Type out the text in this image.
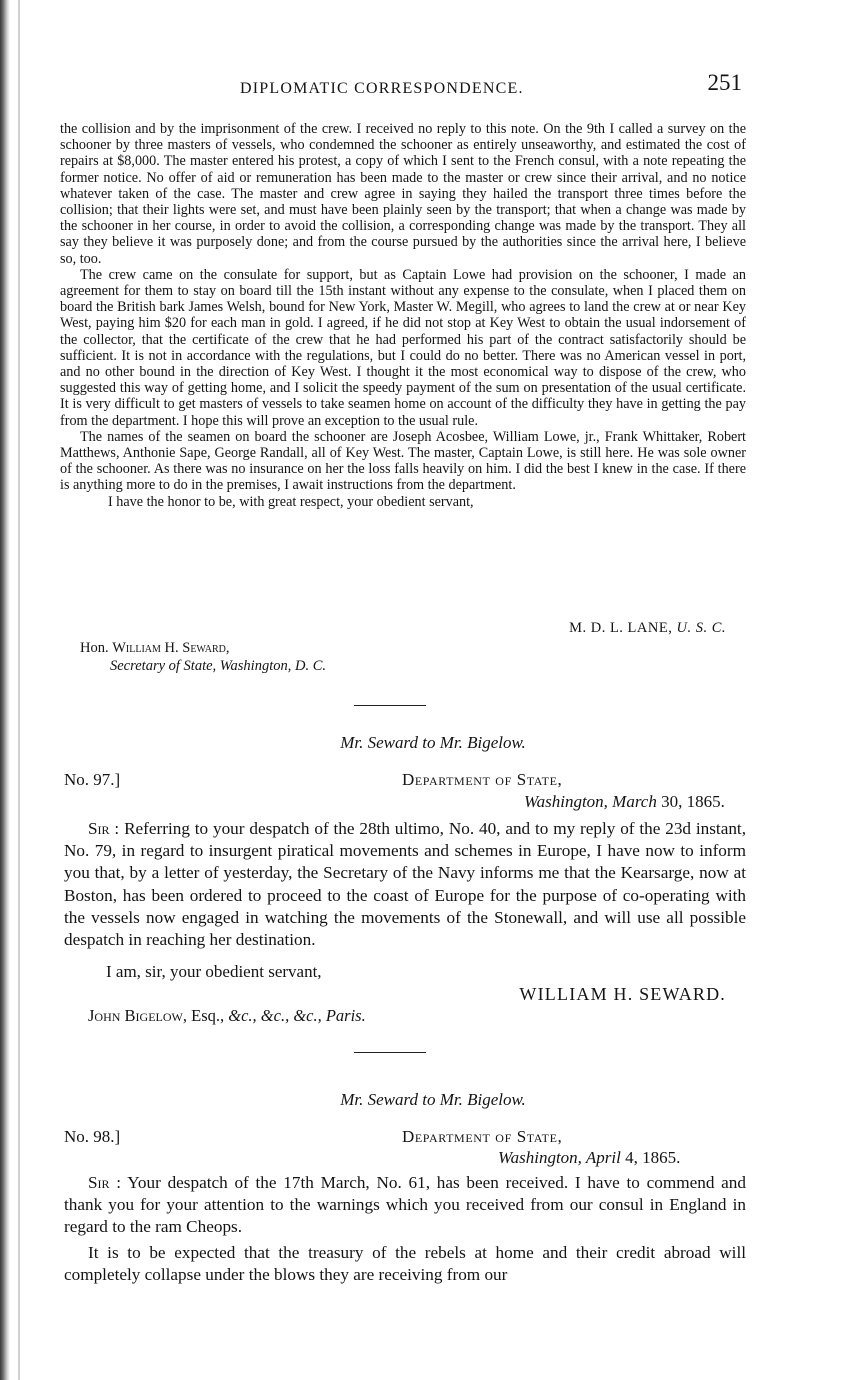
DIPLOMATIC CORRESPONDENCE.	251

the collision and by the imprisonment of the crew. I received no reply to this note. On the 9th I called a survey on the schooner by three masters of vessels, who condemned the schooner as entirely unseaworthy, and estimated the cost of repairs at $8,000. The master entered his protest, a copy of which I sent to the French consul, with a note repeating the former notice. No offer of aid or remuneration has been made to the master or crew since their arrival, and no notice whatever taken of the case. The master and crew agree in saying they hailed the transport three times before the collision; that their lights were set, and must have been plainly seen by the transport; that when a change was made by the schooner in her course, in order to avoid the collision, a corresponding change was made by the transport. They all say they believe it was purposely done; and from the course pursued by the authorities since the arrival here, I believe so, too.

The crew came on the consulate for support, but as Captain Lowe had provision on the schooner, I made an agreement for them to stay on board till the 15th instant without any expense to the consulate, when I placed them on board the British bark James Welsh, bound for New York, Master W. Megill, who agrees to land the crew at or near Key West, paying him $20 for each man in gold. I agreed, if he did not stop at Key West to obtain the usual indorsement of the collector, that the certificate of the crew that he had performed his part of the contract satisfactorily should be sufficient. It is not in accordance with the regulations, but I could do no better. There was no American vessel in port, and no other bound in the direction of Key West. I thought it the most economical way to dispose of the crew, who suggested this way of getting home, and I solicit the speedy payment of the sum on presentation of the usual certificate. It is very difficult to get masters of vessels to take seamen home on account of the difficulty they have in getting the pay from the department. I hope this will prove an exception to the usual rule.

The names of the seamen on board the schooner are Joseph Acosbee, William Lowe, jr., Frank Whittaker, Robert Matthews, Anthonie Sape, George Randall, all of Key West. The master, Captain Lowe, is still here. He was sole owner of the schooner. As there was no insurance on her the loss falls heavily on him. I did the best I knew in the case. If there is anything more to do in the premises, I await instructions from the department.

I have the honor to be, with great respect, your obedient servant,

M. D. L. LANE, U. S. C.
Hon. William H. Seward,
Secretary of State, Washington, D. C.
Mr. Seward to Mr. Bigelow.
No. 97.]	Department of State,
Washington, March 30, 1865.

Sir : Referring to your despatch of the 28th ultimo, No. 40, and to my reply of the 23d instant, No. 79, in regard to insurgent piratical movements and schemes in Europe, I have now to inform you that, by a letter of yesterday, the Secretary of the Navy informs me that the Kearsarge, now at Boston, has been ordered to proceed to the coast of Europe for the purpose of co-operating with the vessels now engaged in watching the movements of the Stonewall, and will use all possible despatch in reaching her destination.

I am, sir, your obedient servant,
WILLIAM H. SEWARD.
John Bigelow, Esq., &c., &c., &c., Paris.
Mr. Seward to Mr. Bigelow.
No. 98.]	Department of State,
Washington, April 4, 1865.

Sir : Your despatch of the 17th March, No. 61, has been received. I have to commend and thank you for your attention to the warnings which you received from our consul in England in regard to the ram Cheops.

It is to be expected that the treasury of the rebels at home and their credit abroad will completely collapse under the blows they are receiving from our
